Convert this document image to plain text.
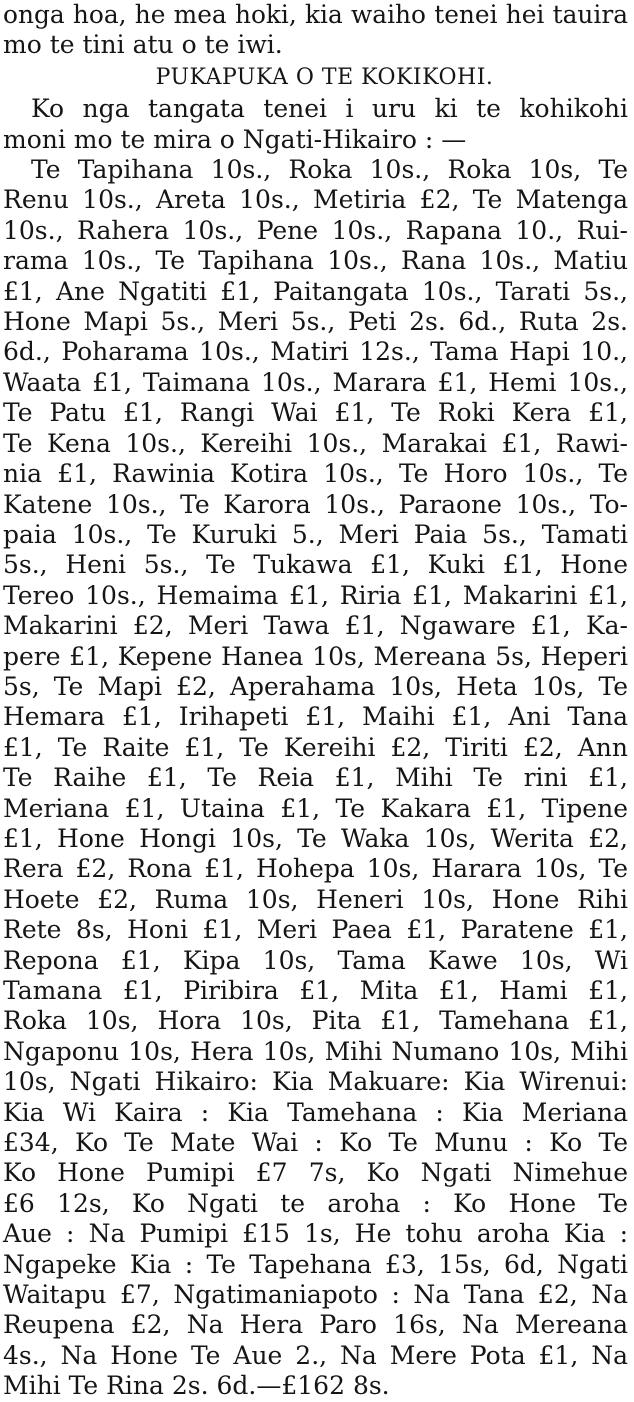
onga hoa, he mea hoki, kia waiho tenei hei tauira
mo te tini atu o te iwi.
PUKAPUKA O TE KOKIKOHI.
Ko nga tangata tenei i uru ki te kohikohi
moni mo te mira o Ngati-Hikairo : —
Te Tapihana 10s., Roka 10s., Roka 10s, Te
Renu 10s., Areta 10s., Metiria £2, Te Matenga
10s., Rahera 10s., Pene 10s., Rapana 10., Rui-
rama 10s., Te Tapihana 10s., Rana 10s., Matiu
£1, Ane Ngatiti £1, Paitangata 10s., Tarati 5s.,
Hone Mapi 5s., Meri 5s., Peti 2s. 6d., Ruta 2s.
6d., Poharama 10s., Matiri 12s., Tama Hapi 10.,
Waata £1, Taimana 10s., Marara £1, Hemi 10s.,
Te Patu £1, Rangi Wai £1, Te Roki Kera £1,
Te Kena 10s., Kereihi 10s., Marakai £1, Rawi-
nia £1, Rawinia Kotira 10s., Te Horo 10s., Te
Katene 10s., Te Karora 10s., Paraone 10s., To-
paia 10s., Te Kuruki 5., Meri Paia 5s., Tamati
5s., Heni 5s., Te Tukawa £1, Kuki £1, Hone
Tereo 10s., Hemaima £1, Riria £1, Makarini £1,
Makarini £2, Meri Tawa £1, Ngaware £1, Ka-
pere £1, Kepene Hanea 10s, Mereana 5s, Heperi
5s, Te Mapi £2, Aperahama 10s, Heta 10s, Te
Hemara £1, Irihapeti £1, Maihi £1, Ani Tana
£1, Te Raite £1, Te Kereihi £2, Tiriti £2, Ann
Te Raihe £1, Te Reia £1, Mihi Te rini £1,
Meriana £1, Utaina £1, Te Kakara £1, Tipene
£1, Hone Hongi 10s, Te Waka 10s, Werita £2,
Rera £2, Rona £1, Hohepa 10s, Harara 10s, Te
Hoete £2, Ruma 10s, Heneri 10s, Hone Rihi
Rete 8s, Honi £1, Meri Paea £1, Paratene £1,
Repona £1, Kipa 10s, Tama Kawe 10s, Wi
Tamana £1, Piribira £1, Mita £1, Hami £1,
Roka 10s, Hora 10s, Pita £1, Tamehana £1,
Ngaponu 10s, Hera 10s, Mihi Numano 10s, Mihi
10s, Ngati Hikairo: Kia Makuare: Kia Wirenui:
Kia Wi Kaira : Kia Tamehana : Kia Meriana
£34, Ko Te Mate Wai : Ko Te Munu : Ko Te
Ko Hone Pumipi £7 7s, Ko Ngati Nimehue
£6 12s, Ko Ngati te aroha : Ko Hone Te
Aue : Na Pumipi £15 1s, He tohu aroha Kia :
Ngapeke Kia : Te Tapehana £3, 15s, 6d, Ngati
Waitapu £7, Ngatimaniapoto : Na Tana £2, Na
Reupena £2, Na Hera Paro 16s, Na Mereana
4s., Na Hone Te Aue 2., Na Mere Pota £1, Na
Mihi Te Rina 2s. 6d.—£162 8s.
